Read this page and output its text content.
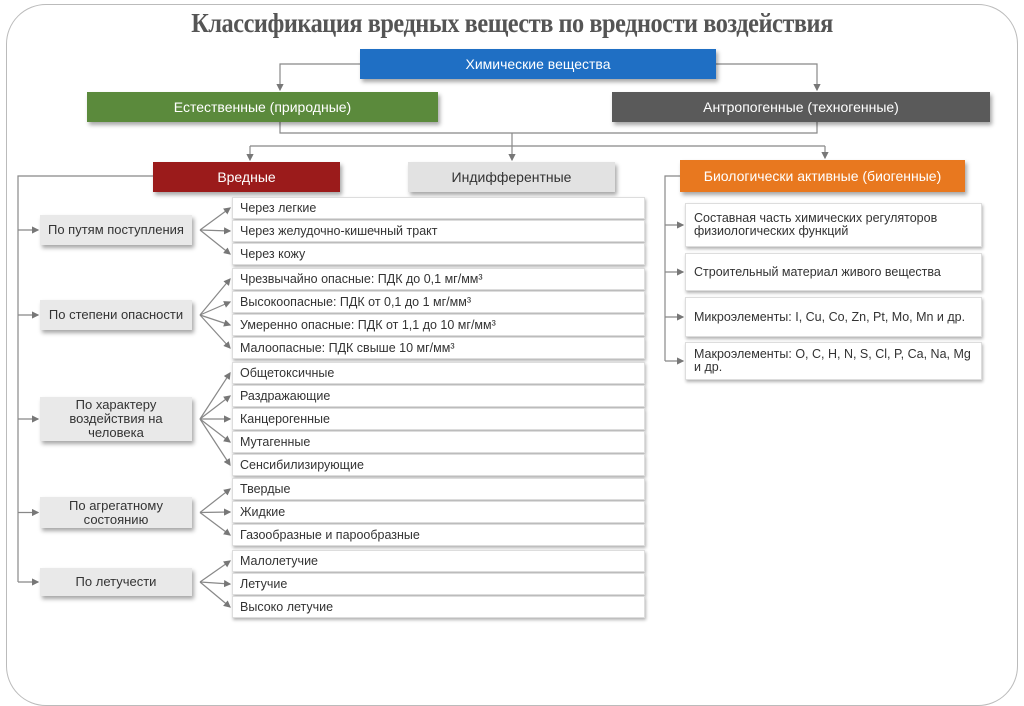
Классификация вредных веществ по вредности воздействия
Химические вещества
Естественные (природные)	Антропогенные (техногенные)
Вредные	Индифферентные	Биологически активные (биогенные)
По путям поступления
Через легкие
Через желудочно-кишечный тракт
Через кожу
По степени опасности
Чрезвычайно опасные: ПДК до 0,1 мг/мм³
Высокоопасные: ПДК от 0,1 до 1 мг/мм³
Умеренно опасные: ПДК от 1,1 до 10 мг/мм³
Малоопасные: ПДК свыше 10 мг/мм³
По характеру воздействия на человека
Общетоксичные
Раздражающие
Канцерогенные
Мутагенные
Сенсибилизирующие
По агрегатному состоянию
Твердые
Жидкие
Газообразные и парообразные
По летучести
Малолетучие
Летучие
Высоко летучие
Составная часть химических регуляторов физиологических функций
Строительный материал живого вещества
Микроэлементы: I, Cu, Co, Zn, Pt, Mo, Mn и др.
Макроэлементы: O, C, H, N, S, Cl, P, Ca, Na, Mg и др.
